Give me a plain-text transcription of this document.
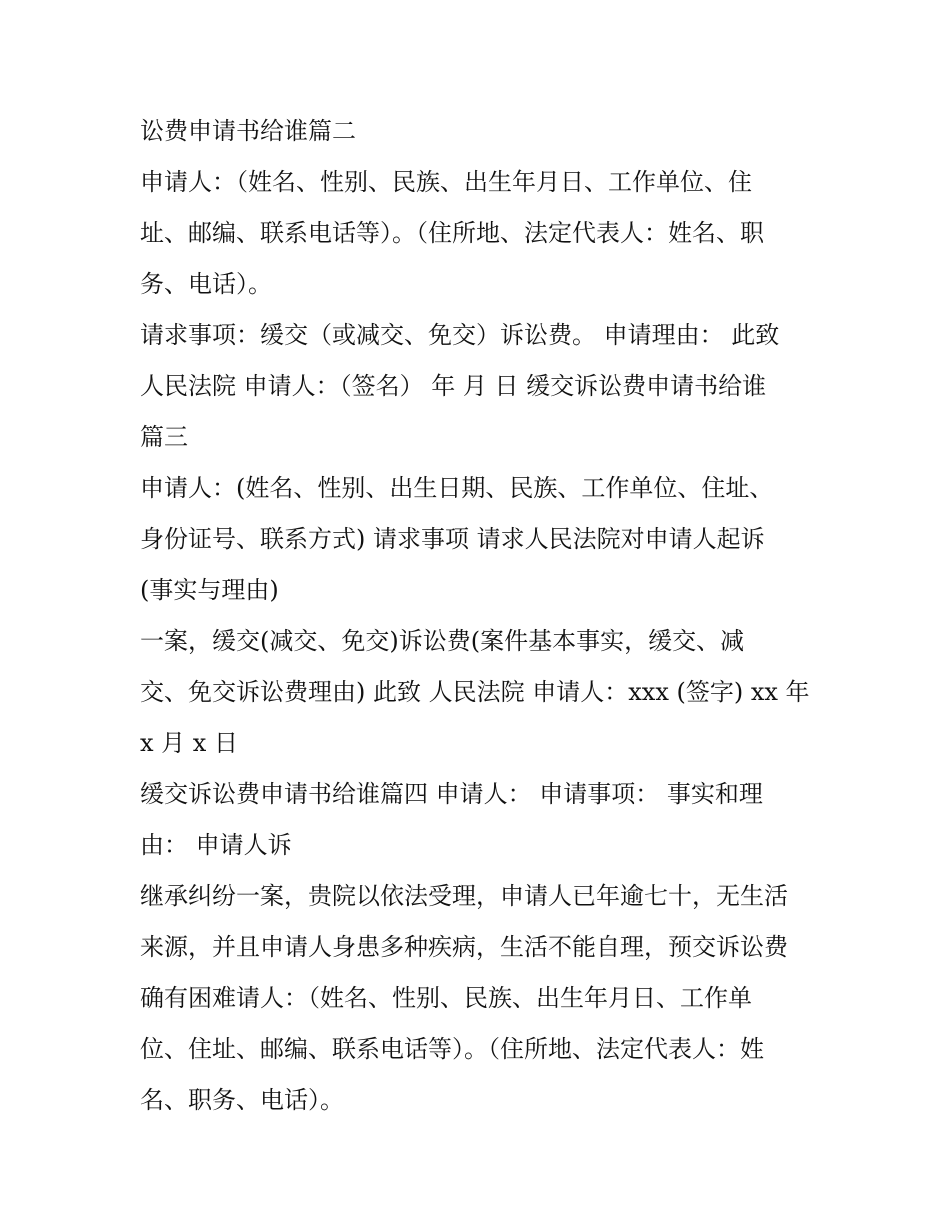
讼费申请书给谁篇二
申请人：（姓名、性别、民族、出生年月日、工作单位、住
址、邮编、联系电话等）。（住所地、法定代表人：姓名、职
务、电话）。
请求事项：缓交（或减交、免交）诉讼费。 申请理由： 此致
人民法院 申请人：（签名） 年 月 日 缓交诉讼费申请书给谁
篇三
申请人：(姓名、性别、出生日期、民族、工作单位、住址、
身份证号、联系方式) 请求事项 请求人民法院对申请人起诉
(事实与理由)
一案，缓交(减交、免交)诉讼费(案件基本事实，缓交、减
交、免交诉讼费理由) 此致 人民法院 申请人：xxx (签字) xx 年
x 月 x 日
缓交诉讼费申请书给谁篇四 申请人： 申请事项： 事实和理
由： 申请人诉
继承纠纷一案，贵院以依法受理，申请人已年逾七十，无生活
来源，并且申请人身患多种疾病，生活不能自理，预交诉讼费
确有困难请人：（姓名、性别、民族、出生年月日、工作单
位、住址、邮编、联系电话等）。（住所地、法定代表人：姓
名、职务、电话）。
